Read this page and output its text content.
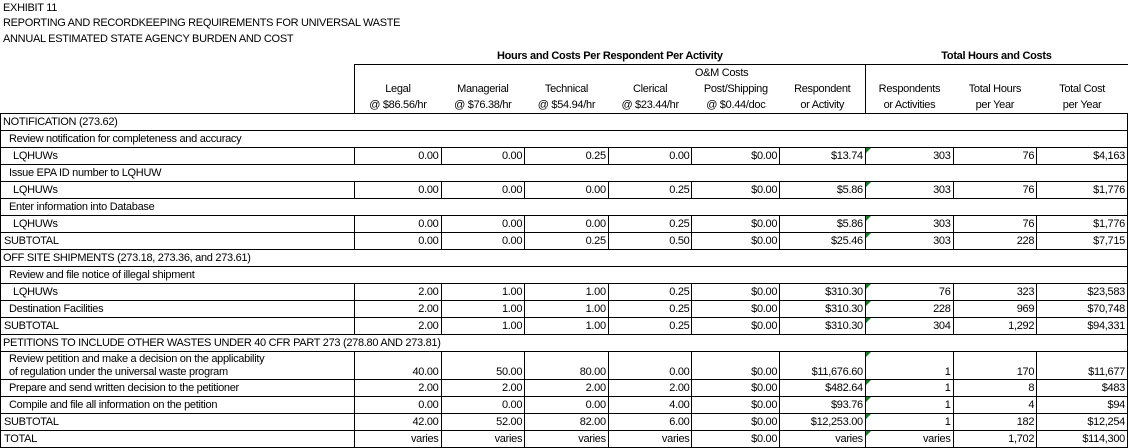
EXHIBIT 11
REPORTING AND RECORDKEEPING REQUIREMENTS FOR UNIVERSAL WASTE
ANNUAL ESTIMATED STATE AGENCY BURDEN AND COST
	Hours and Costs Per Respondent Per Activity						Total Hours and Costs		
	O&M Costs								
	Legal	Managerial	Technical	Clerical	Post/Shipping	Respondent	Respondents	Total Hours	Total Cost
	@ $86.56/hr	@ $76.38/hr	@ $54.94/hr	@ $23.44/hr	@ $0.44/doc	or Activity	or Activities	per Year	per Year
NOTIFICATION (273.62)									
Review notification for completeness and accuracy									
LQHUWs	0.00	0.00	0.25	0.00	$0.00	$13.74	303	76	$4,163
Issue EPA ID number to LQHUW									
LQHUWs	0.00	0.00	0.00	0.25	$0.00	$5.86	303	76	$1,776
Enter information into Database									
LQHUWs	0.00	0.00	0.00	0.25	$0.00	$5.86	303	76	$1,776
SUBTOTAL	0.00	0.00	0.25	0.50	$0.00	$25.46	303	228	$7,715
OFF SITE SHIPMENTS (273.18, 273.36, and 273.61)									
Review and file notice of illegal shipment									
LQHUWs	2.00	1.00	1.00	0.25	$0.00	$310.30	76	323	$23,583
Destination Facilities	2.00	1.00	1.00	0.25	$0.00	$310.30	228	969	$70,748
SUBTOTAL	2.00	1.00	1.00	0.25	$0.00	$310.30	304	1,292	$94,331
PETITIONS TO INCLUDE OTHER WASTES UNDER 40 CFR PART 273 (278.80 AND 273.81)									

Review petition and make a decision on the applicability
of regulation under the universal waste program	40.00	50.00	80.00	0.00	$0.00	$11,676.60	1	170	$11,677
Prepare and send written decision to the petitioner	2.00	2.00	2.00	2.00	$0.00	$482.64	1	8	$483
Compile and file all information on the petition	0.00	0.00	0.00	4.00	$0.00	$93.76	1	4	$94
SUBTOTAL	42.00	52.00	82.00	6.00	$0.00	$12,253.00	1	182	$12,254
TOTAL	varies	varies	varies	varies	$0.00	varies	varies	1,702	$114,300
